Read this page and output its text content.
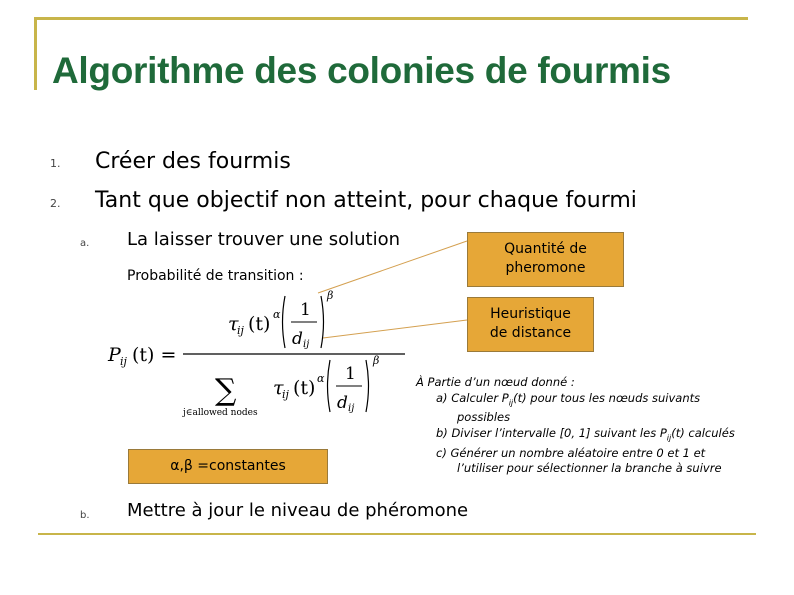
Algorithme des colonies de fourmis
1. Créer des fourmis
2. Tant que objectif non atteint, pour chaque fourmi
a. La laisser trouver une solution
Probabilité de transition :
Quantité de
pheromone
Heuristique
de distance
α,β =constantes
P ij (t) =
τ
ij (t) α 1
d ij
β
∑
j∈allowed nodes
τ
ij (t) α 1
d ij
β
À Partie d’un nœud donné :
a) Calculer $P_{ij}(t)$ pour tous les nœuds suivants
possibles
b) Diviser l’intervalle [0, 1] suivant les $P_{ij}(t)$ calculés
c) Générer un nombre aléatoire entre 0 et 1 et
l’utiliser pour sélectionner la branche à suivre
b. Mettre à jour le niveau de phéromone
